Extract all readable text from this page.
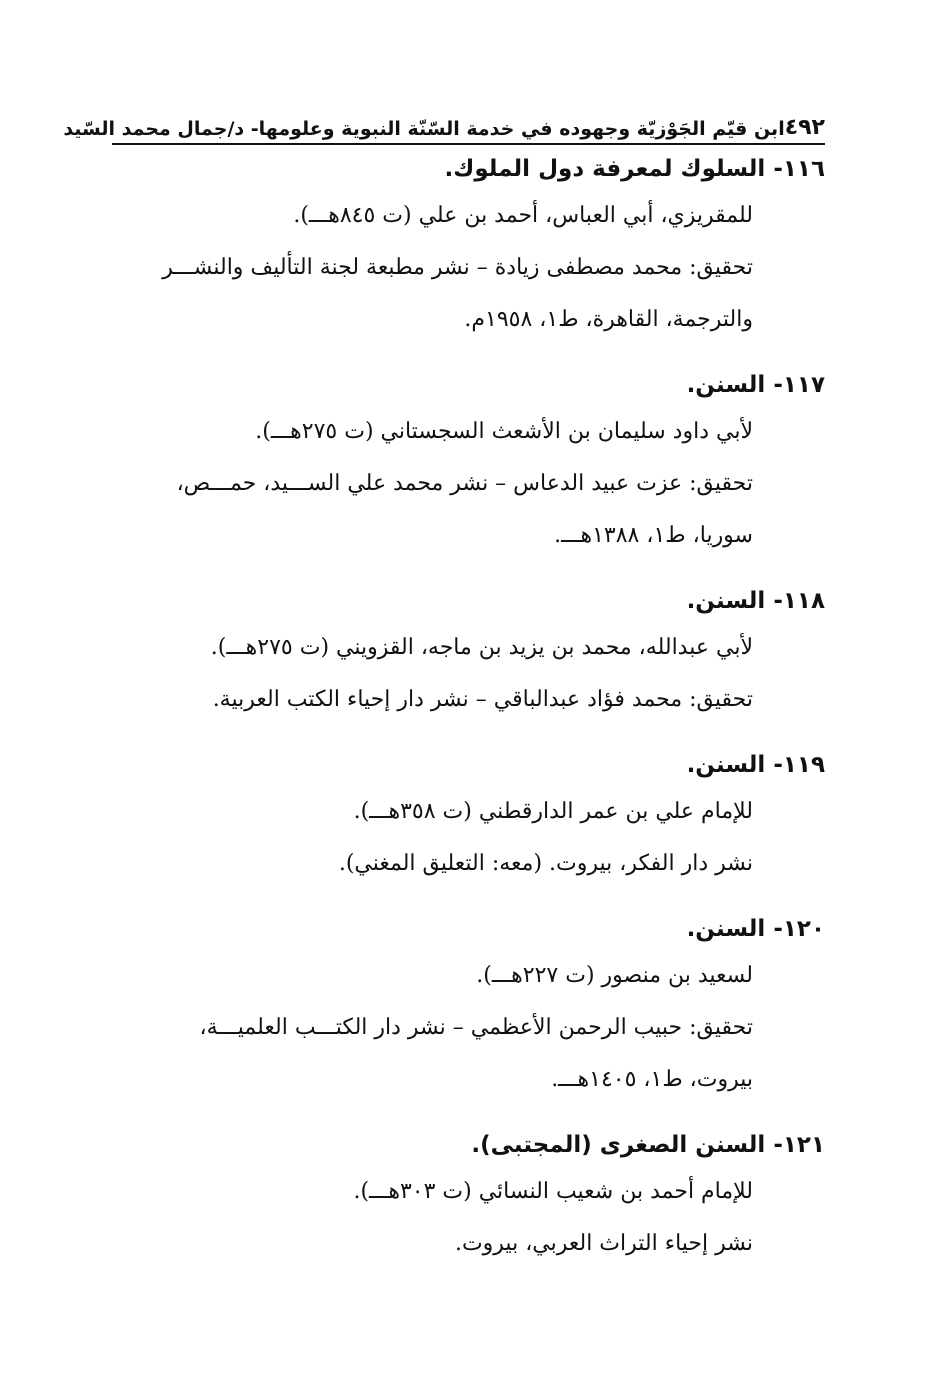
٤٩٢
ابن قيّم الجَوْزيّة وجهوده في خدمة السّنّة النبوية وعلومها- د/جمال محمد السّيد
١١٦- السلوك لمعرفة دول الملوك.
للمقريزي، أبي العباس، أحمد بن علي (ت ٨٤٥هـــ).
تحقيق: محمد مصطفى زيادة – نشر مطبعة لجنة التأليف والنشـــر
والترجمة، القاهرة، ط١، ١٩٥٨م.
١١٧- السنن.
لأبي داود سليمان بن الأشعث السجستاني (ت ٢٧٥هـــ).
تحقيق: عزت عبيد الدعاس – نشر محمد علي الســـيد، حمـــص،
سوريا، ط١، ١٣٨٨هـــ.
١١٨- السنن.
لأبي عبدالله، محمد بن يزيد بن ماجه، القزويني (ت ٢٧٥هـــ).
تحقيق: محمد فؤاد عبدالباقي – نشر دار إحياء الكتب العربية.
١١٩- السنن.
للإمام علي بن عمر الدارقطني (ت ٣٥٨هـــ).
نشر دار الفكر، بيروت. (معه: التعليق المغني).
١٢٠- السنن.
لسعيد بن منصور (ت ٢٢٧هـــ).
تحقيق: حبيب الرحمن الأعظمي – نشر دار الكتـــب العلميـــة،
بيروت، ط١، ١٤٠٥هـــ.
١٢١- السنن الصغرى (المجتبى).
للإمام أحمد بن شعيب النسائي (ت ٣٠٣هـــ).
نشر إحياء التراث العربي، بيروت.
